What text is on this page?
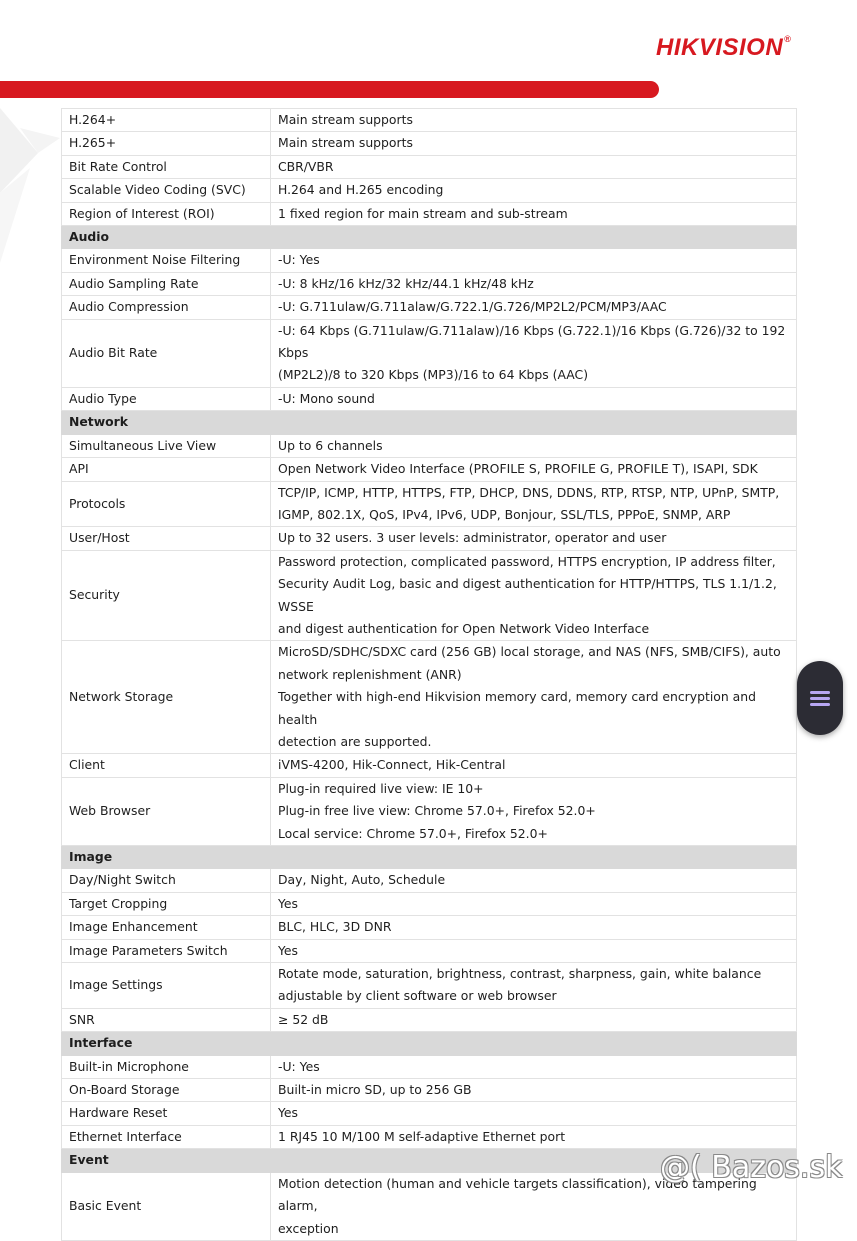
HIKVISION®
H.264+	Main stream supports

H.265+	Main stream supports

Bit Rate Control	CBR/VBR

Scalable Video Coding (SVC)	H.264 and H.265 encoding

Region of Interest (ROI)	1 fixed region for main stream and sub-stream

Audio	
Environment Noise Filtering	-U: Yes

Audio Sampling Rate	-U: 8 kHz/16 kHz/32 kHz/44.1 kHz/48 kHz

Audio Compression	-U: G.711ulaw/G.711alaw/G.722.1/G.726/MP2L2/PCM/MP3/AAC

Audio Bit Rate	-U: 64 Kbps (G.711ulaw/G.711alaw)/16 Kbps (G.722.1)/16 Kbps (G.726)/32 to 192 Kbps
(MP2L2)/8 to 320 Kbps (MP3)/16 to 64 Kbps (AAC)

Audio Type	-U: Mono sound

Network	
Simultaneous Live View	Up to 6 channels

API	Open Network Video Interface (PROFILE S, PROFILE G, PROFILE T), ISAPI, SDK

Protocols	TCP/IP, ICMP, HTTP, HTTPS, FTP, DHCP, DNS, DDNS, RTP, RTSP, NTP, UPnP, SMTP,
IGMP, 802.1X, QoS, IPv4, IPv6, UDP, Bonjour, SSL/TLS, PPPoE, SNMP, ARP

User/Host	Up to 32 users. 3 user levels: administrator, operator and user

Security	Password protection, complicated password, HTTPS encryption, IP address filter,
Security Audit Log, basic and digest authentication for HTTP/HTTPS, TLS 1.1/1.2, WSSE
and digest authentication for Open Network Video Interface

Network Storage	MicroSD/SDHC/SDXC card (256 GB) local storage, and NAS (NFS, SMB/CIFS), auto
network replenishment (ANR)
Together with high-end Hikvision memory card, memory card encryption and health
detection are supported.

Client	iVMS-4200, Hik-Connect, Hik-Central

Web Browser	Plug-in required live view: IE 10+
Plug-in free live view: Chrome 57.0+, Firefox 52.0+
Local service: Chrome 57.0+, Firefox 52.0+

Image	
Day/Night Switch	Day, Night, Auto, Schedule

Target Cropping	Yes

Image Enhancement	BLC, HLC, 3D DNR

Image Parameters Switch	Yes

Image Settings	Rotate mode, saturation, brightness, contrast, sharpness, gain, white balance
adjustable by client software or web browser

SNR	≥ 52 dB

Interface	
Built-in Microphone	-U: Yes

On-Board Storage	Built-in micro SD, up to 256 GB

Hardware Reset	Yes

Ethernet Interface	1 RJ45 10 M/100 M self-adaptive Ethernet port

Event	
Basic Event	Motion detection (human and vehicle targets classification), video tampering alarm,
exception
@( Bazos.sk
